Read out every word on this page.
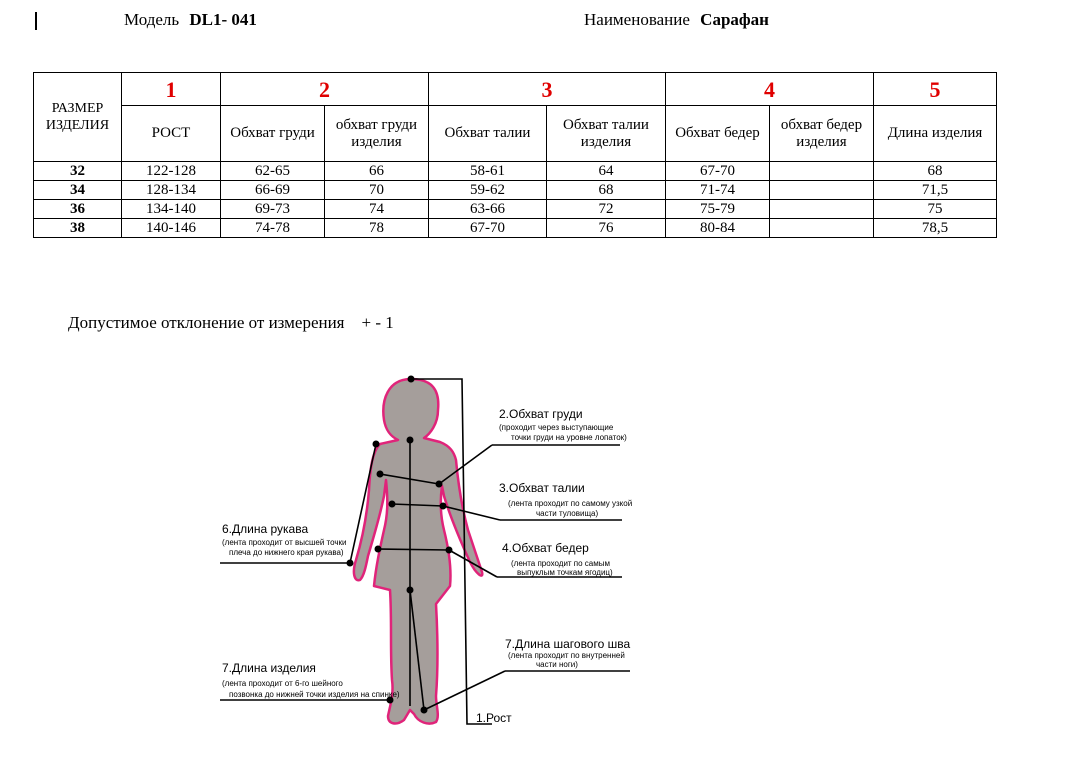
Модель DL1- 041	Наименование Сарафан
РАЗМЕР ИЗДЕЛИЯ	1	2		3		4		5
	РОСТ	Обхват груди	обхват груди изделия	Обхват талии	Обхват талии изделия	Обхват бедер	обхват бедер изделия	Длина изделия
32	122-128	62-65	66	58-61	64	67-70		68
34	128-134	66-69	70	59-62	68	71-74		71,5
36	134-140	69-73	74	63-66	72	75-79		75
38	140-146	74-78	78	67-70	76	80-84		78,5
Допустимое отклонение от измерения    + - 1
2.Обхват груди
(проходит через выступающие
точки груди на уровне лопаток)
3.Обхват талии
(лента проходит по самому узкой
части туловища)
4.Обхват бедер
(лента проходит по самым
выпуклым точкам ягодиц)
7.Длина шагового шва
(лента проходит по внутренней
части ноги)
6.Длина рукава
(лента проходит от высшей точки
плеча до нижнего края рукава)
7.Длина изделия
(лента проходит от 6-го шейного
позвонка до нижней точки изделия на спинке)
1.Рост
